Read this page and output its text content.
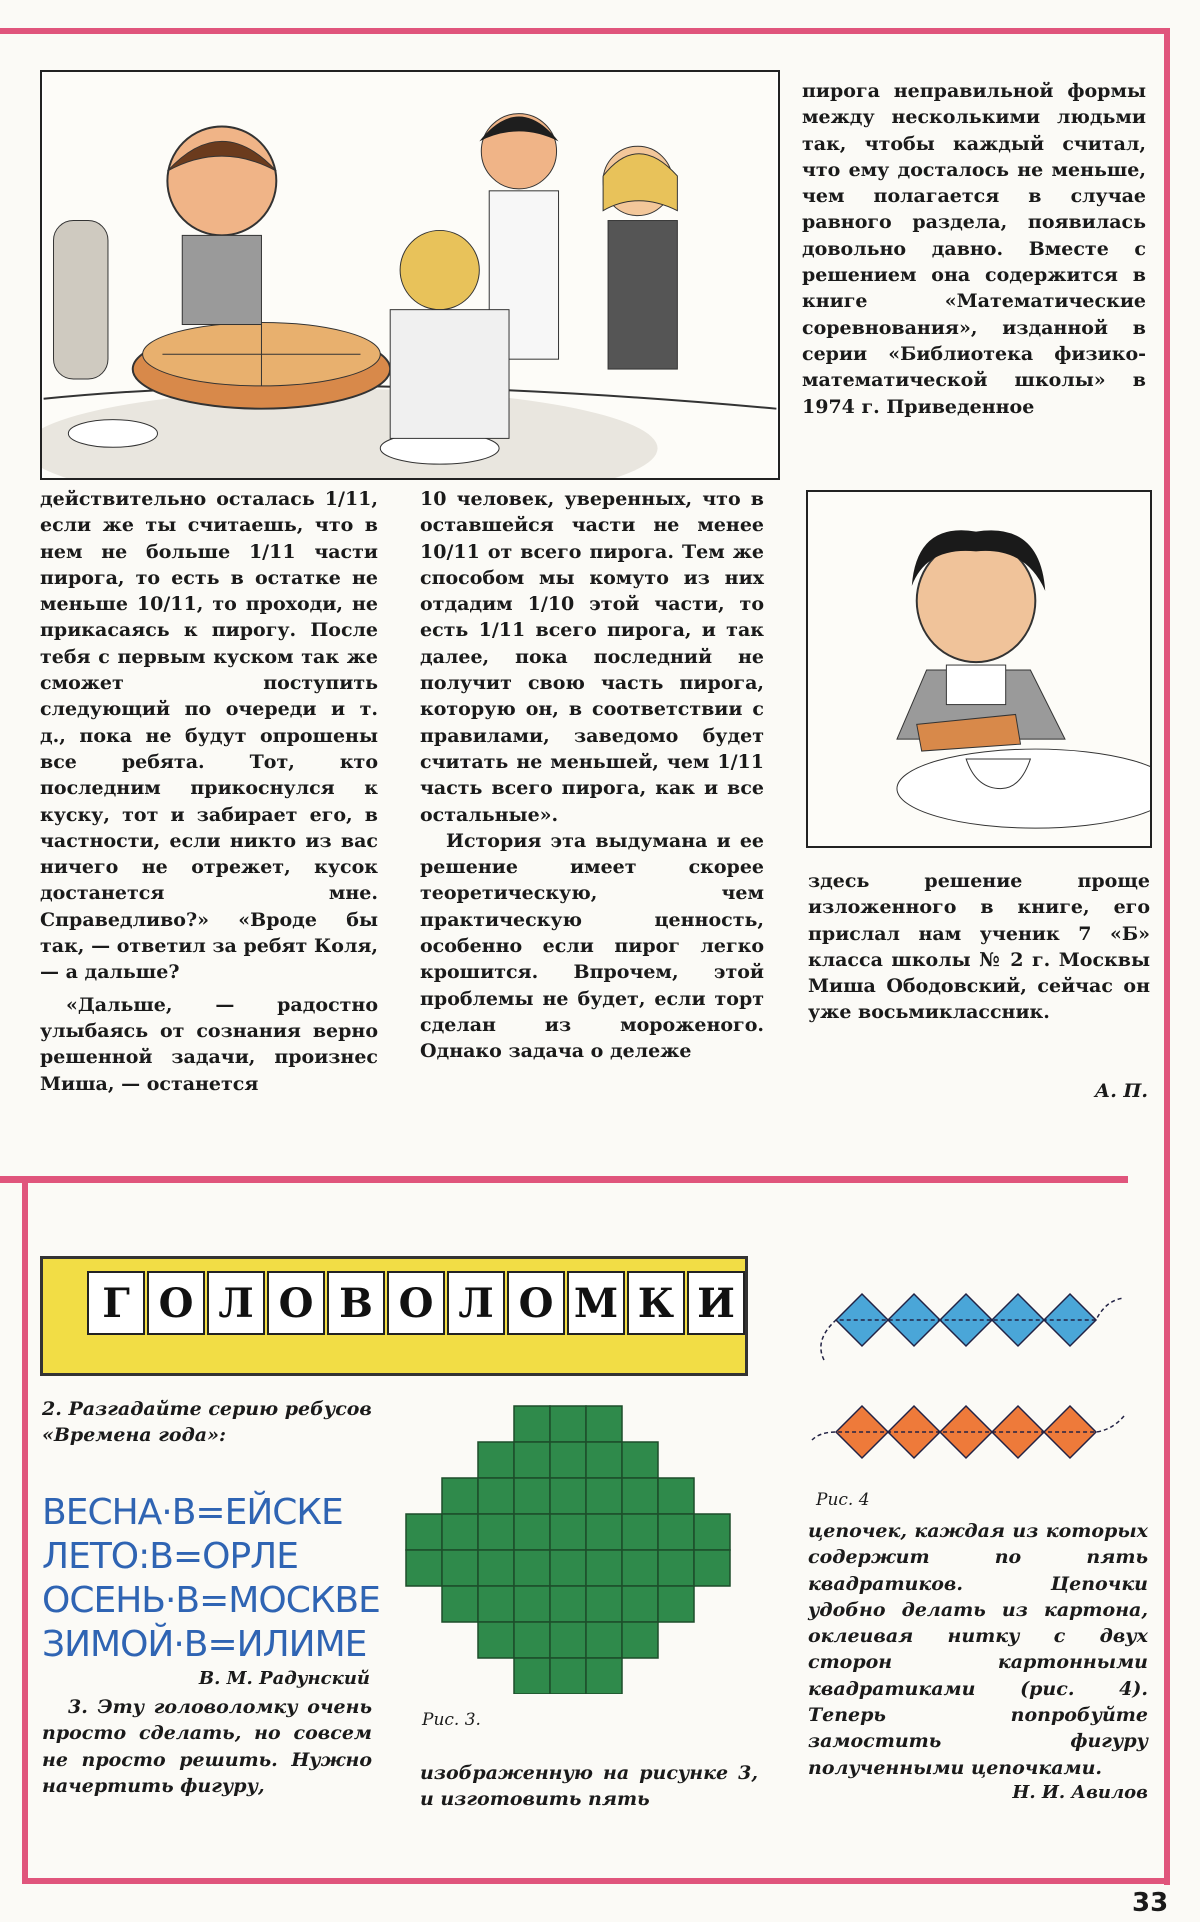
пирога неправильной формы между несколькими людьми так, чтобы каждый считал, что ему досталось не меньше, чем полагается в случае равного раздела, появилась довольно давно. Вместе с решением она содержится в книге «Математические соревнования», изданной в серии «Библиотека физико-математической школы» в 1974 г. Приведенное

действительно осталась 1/11, если же ты считаешь, что в нем не больше 1/11 части пирога, то есть в остатке не меньше 10/11, то проходи, не прикасаясь к пирогу. После тебя с первым куском так же сможет поступить следующий по очереди и т. д., пока не будут опрошены все ребята. Тот, кто последним прикоснулся к куску, тот и забирает его, в частности, если никто из вас ничего не отрежет, кусок достанется мне. Справедливо?» «Вроде бы так, — ответил за ребят Коля, — а дальше?

«Дальше, — радостно улыбаясь от сознания верно решенной задачи, произнес Миша, — останется

10 человек, уверенных, что в оставшейся части не менее 10/11 от всего пирога. Тем же способом мы комуто из них отдадим 1/10 этой части, то есть 1/11 всего пирога, и так далее, пока последний не получит свою часть пирога, которую он, в соответствии с правилами, заведомо будет считать не меньшей, чем 1/11 часть всего пирога, как и все остальные».

История эта выдумана и ее решение имеет скорее теоретическую, чем практическую ценность, особенно если пирог легко крошится. Впрочем, этой проблемы не будет, если торт сделан из мороженого. Однако задача о дележе

здесь решение проще изложенного в книге, его прислал нам ученик 7 «Б» класса школы № 2 г. Москвы Миша Ободовский, сейчас он уже восьмиклассник.

А. П.
Г О Л О В О Л О М К И
2. Разгадайте серию ребусов «Времена года»:
ВЕСНА·В=ЕЙСКЕ
ЛЕТО:В=ОРЛЕ
ОСЕНЬ·В=МОСКВЕ
ЗИМОЙ·В=ИЛИМЕ
В. М. Радунский

3. Эту головоломку очень просто сделать, но совсем не просто решить. Нужно начертить фигуру,

Рис. 3.

изображенную на рисунке 3, и изготовить пять

Рис. 4

цепочек, каждая из которых содержит по пять квадратиков. Цепочки удобно делать из картона, оклеивая нитку с двух сторон картонными квадратиками (рис. 4). Теперь попробуйте замостить фигуру полученными цепочками.

Н. И. Авилов
33
